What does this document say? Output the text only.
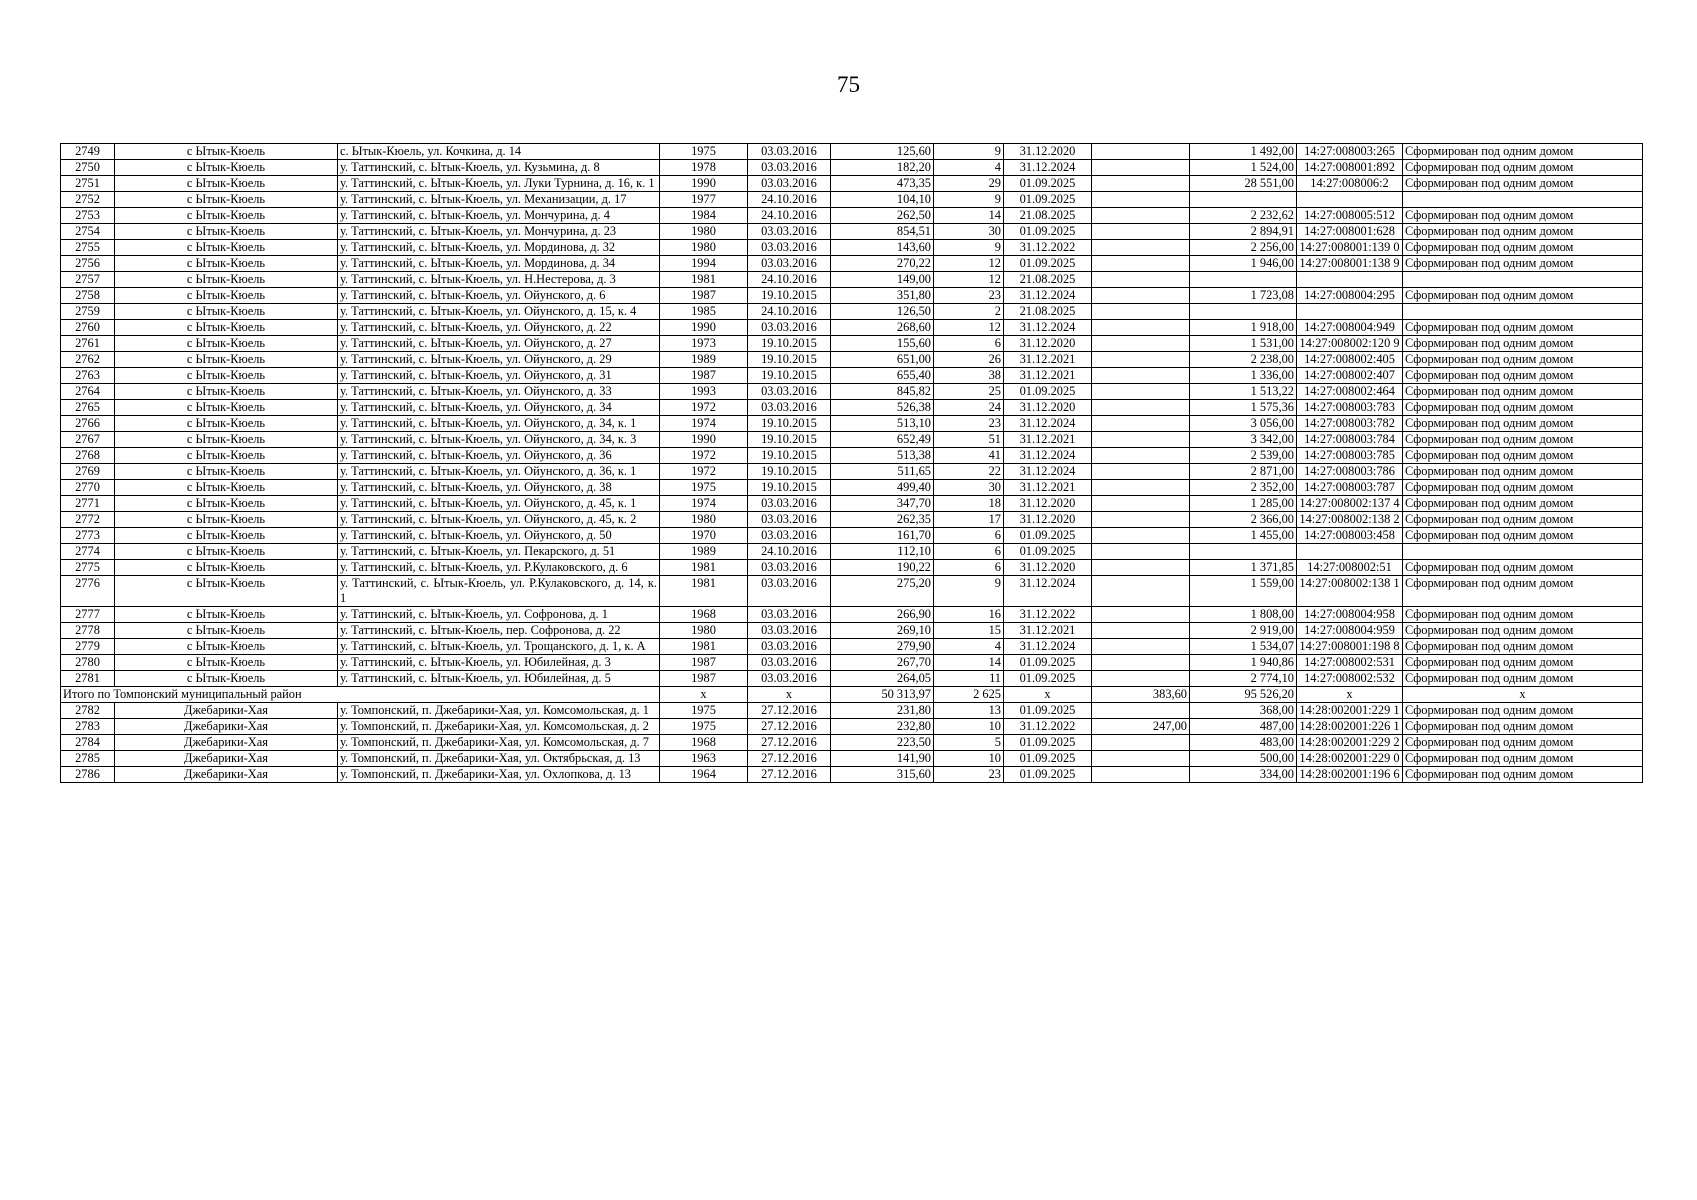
75
2749	с Ытык-Кюель	с. Ытык-Кюель, ул. Кочкина, д. 14	1975	03.03.2016	125,60	9	31.12.2020		1 492,00	14:27:008003:265	Сформирован под одним домом
2750	с Ытык-Кюель	у. Таттинский, с. Ытык-Кюель, ул. Кузьмина, д. 8	1978	03.03.2016	182,20	4	31.12.2024		1 524,00	14:27:008001:892	Сформирован под одним домом
2751	с Ытык-Кюель	у. Таттинский, с. Ытык-Кюель, ул. Луки Турнина, д. 16, к. 1	1990	03.03.2016	473,35	29	01.09.2025		28 551,00	14:27:008006:2	Сформирован под одним домом
2752	с Ытык-Кюель	у. Таттинский, с. Ытык-Кюель, ул. Механизации, д. 17	1977	24.10.2016	104,10	9	01.09.2025				
2753	с Ытык-Кюель	у. Таттинский, с. Ытык-Кюель, ул. Мончурина, д. 4	1984	24.10.2016	262,50	14	21.08.2025		2 232,62	14:27:008005:512	Сформирован под одним домом
2754	с Ытык-Кюель	у. Таттинский, с. Ытык-Кюель, ул. Мончурина, д. 23	1980	03.03.2016	854,51	30	01.09.2025		2 894,91	14:27:008001:628	Сформирован под одним домом
2755	с Ытык-Кюель	у. Таттинский, с. Ытык-Кюель, ул. Мординова, д. 32	1980	03.03.2016	143,60	9	31.12.2022		2 256,00	14:27:008001:139 0	Сформирован под одним домом
2756	с Ытык-Кюель	у. Таттинский, с. Ытык-Кюель, ул. Мординова, д. 34	1994	03.03.2016	270,22	12	01.09.2025		1 946,00	14:27:008001:138 9	Сформирован под одним домом
2757	с Ытык-Кюель	у. Таттинский, с. Ытык-Кюель, ул. Н.Нестерова, д. 3	1981	24.10.2016	149,00	12	21.08.2025				
2758	с Ытык-Кюель	у. Таттинский, с. Ытык-Кюель, ул. Ойунского, д. 6	1987	19.10.2015	351,80	23	31.12.2024		1 723,08	14:27:008004:295	Сформирован под одним домом
2759	с Ытык-Кюель	у. Таттинский, с. Ытык-Кюель, ул. Ойунского, д. 15, к. 4	1985	24.10.2016	126,50	2	21.08.2025				
2760	с Ытык-Кюель	у. Таттинский, с. Ытык-Кюель, ул. Ойунского, д. 22	1990	03.03.2016	268,60	12	31.12.2024		1 918,00	14:27:008004:949	Сформирован под одним домом
2761	с Ытык-Кюель	у. Таттинский, с. Ытык-Кюель, ул. Ойунского, д. 27	1973	19.10.2015	155,60	6	31.12.2020		1 531,00	14:27:008002:120 9	Сформирован под одним домом
2762	с Ытык-Кюель	у. Таттинский, с. Ытык-Кюель, ул. Ойунского, д. 29	1989	19.10.2015	651,00	26	31.12.2021		2 238,00	14:27:008002:405	Сформирован под одним домом
2763	с Ытык-Кюель	у. Таттинский, с. Ытык-Кюель, ул. Ойунского, д. 31	1987	19.10.2015	655,40	38	31.12.2021		1 336,00	14:27:008002:407	Сформирован под одним домом
2764	с Ытык-Кюель	у. Таттинский, с. Ытык-Кюель, ул. Ойунского, д. 33	1993	03.03.2016	845,82	25	01.09.2025		1 513,22	14:27:008002:464	Сформирован под одним домом
2765	с Ытык-Кюель	у. Таттинский, с. Ытык-Кюель, ул. Ойунского, д. 34	1972	03.03.2016	526,38	24	31.12.2020		1 575,36	14:27:008003:783	Сформирован под одним домом
2766	с Ытык-Кюель	у. Таттинский, с. Ытык-Кюель, ул. Ойунского, д. 34, к. 1	1974	19.10.2015	513,10	23	31.12.2024		3 056,00	14:27:008003:782	Сформирован под одним домом
2767	с Ытык-Кюель	у. Таттинский, с. Ытык-Кюель, ул. Ойунского, д. 34, к. 3	1990	19.10.2015	652,49	51	31.12.2021		3 342,00	14:27:008003:784	Сформирован под одним домом
2768	с Ытык-Кюель	у. Таттинский, с. Ытык-Кюель, ул. Ойунского, д. 36	1972	19.10.2015	513,38	41	31.12.2024		2 539,00	14:27:008003:785	Сформирован под одним домом
2769	с Ытык-Кюель	у. Таттинский, с. Ытык-Кюель, ул. Ойунского, д. 36, к. 1	1972	19.10.2015	511,65	22	31.12.2024		2 871,00	14:27:008003:786	Сформирован под одним домом
2770	с Ытык-Кюель	у. Таттинский, с. Ытык-Кюель, ул. Ойунского, д. 38	1975	19.10.2015	499,40	30	31.12.2021		2 352,00	14:27:008003:787	Сформирован под одним домом
2771	с Ытык-Кюель	у. Таттинский, с. Ытык-Кюель, ул. Ойунского, д. 45, к. 1	1974	03.03.2016	347,70	18	31.12.2020		1 285,00	14:27:008002:137 4	Сформирован под одним домом
2772	с Ытык-Кюель	у. Таттинский, с. Ытык-Кюель, ул. Ойунского, д. 45, к. 2	1980	03.03.2016	262,35	17	31.12.2020		2 366,00	14:27:008002:138 2	Сформирован под одним домом
2773	с Ытык-Кюель	у. Таттинский, с. Ытык-Кюель, ул. Ойунского, д. 50	1970	03.03.2016	161,70	6	01.09.2025		1 455,00	14:27:008003:458	Сформирован под одним домом
2774	с Ытык-Кюель	у. Таттинский, с. Ытык-Кюель, ул. Пекарского, д. 51	1989	24.10.2016	112,10	6	01.09.2025				
2775	с Ытык-Кюель	у. Таттинский, с. Ытык-Кюель, ул. Р.Кулаковского, д. 6	1981	03.03.2016	190,22	6	31.12.2020		1 371,85	14:27:008002:51	Сформирован под одним домом
2776	с Ытык-Кюель	у. Таттинский, с. Ытык-Кюель, ул. Р.Кулаковского, д. 14, к. 1	1981	03.03.2016	275,20	9	31.12.2024		1 559,00	14:27:008002:138 1	Сформирован под одним домом
2777	с Ытык-Кюель	у. Таттинский, с. Ытык-Кюель, ул. Софронова, д. 1	1968	03.03.2016	266,90	16	31.12.2022		1 808,00	14:27:008004:958	Сформирован под одним домом
2778	с Ытык-Кюель	у. Таттинский, с. Ытык-Кюель, пер. Софронова, д. 22	1980	03.03.2016	269,10	15	31.12.2021		2 919,00	14:27:008004:959	Сформирован под одним домом
2779	с Ытык-Кюель	у. Таттинский, с. Ытык-Кюель, ул. Трощанского, д. 1, к. А	1981	03.03.2016	279,90	4	31.12.2024		1 534,07	14:27:008001:198 8	Сформирован под одним домом
2780	с Ытык-Кюель	у. Таттинский, с. Ытык-Кюель, ул. Юбилейная, д. 3	1987	03.03.2016	267,70	14	01.09.2025		1 940,86	14:27:008002:531	Сформирован под одним домом
2781	с Ытык-Кюель	у. Таттинский, с. Ытык-Кюель, ул. Юбилейная, д. 5	1987	03.03.2016	264,05	11	01.09.2025		2 774,10	14:27:008002:532	Сформирован под одним домом
Итого по Томпонский муниципальный район			x	x	50 313,97	2 625	x	383,60	95 526,20	x	x
2782	Джебарики-Хая	у. Томпонский, п. Джебарики-Хая, ул. Комсомольская, д. 1	1975	27.12.2016	231,80	13	01.09.2025		368,00	14:28:002001:229 1	Сформирован под одним домом
2783	Джебарики-Хая	у. Томпонский, п. Джебарики-Хая, ул. Комсомольская, д. 2	1975	27.12.2016	232,80	10	31.12.2022	247,00	487,00	14:28:002001:226 1	Сформирован под одним домом
2784	Джебарики-Хая	у. Томпонский, п. Джебарики-Хая, ул. Комсомольская, д. 7	1968	27.12.2016	223,50	5	01.09.2025		483,00	14:28:002001:229 2	Сформирован под одним домом
2785	Джебарики-Хая	у. Томпонский, п. Джебарики-Хая, ул. Октябрьская, д. 13	1963	27.12.2016	141,90	10	01.09.2025		500,00	14:28:002001:229 0	Сформирован под одним домом
2786	Джебарики-Хая	у. Томпонский, п. Джебарики-Хая, ул. Охлопкова, д. 13	1964	27.12.2016	315,60	23	01.09.2025		334,00	14:28:002001:196 6	Сформирован под одним домом
